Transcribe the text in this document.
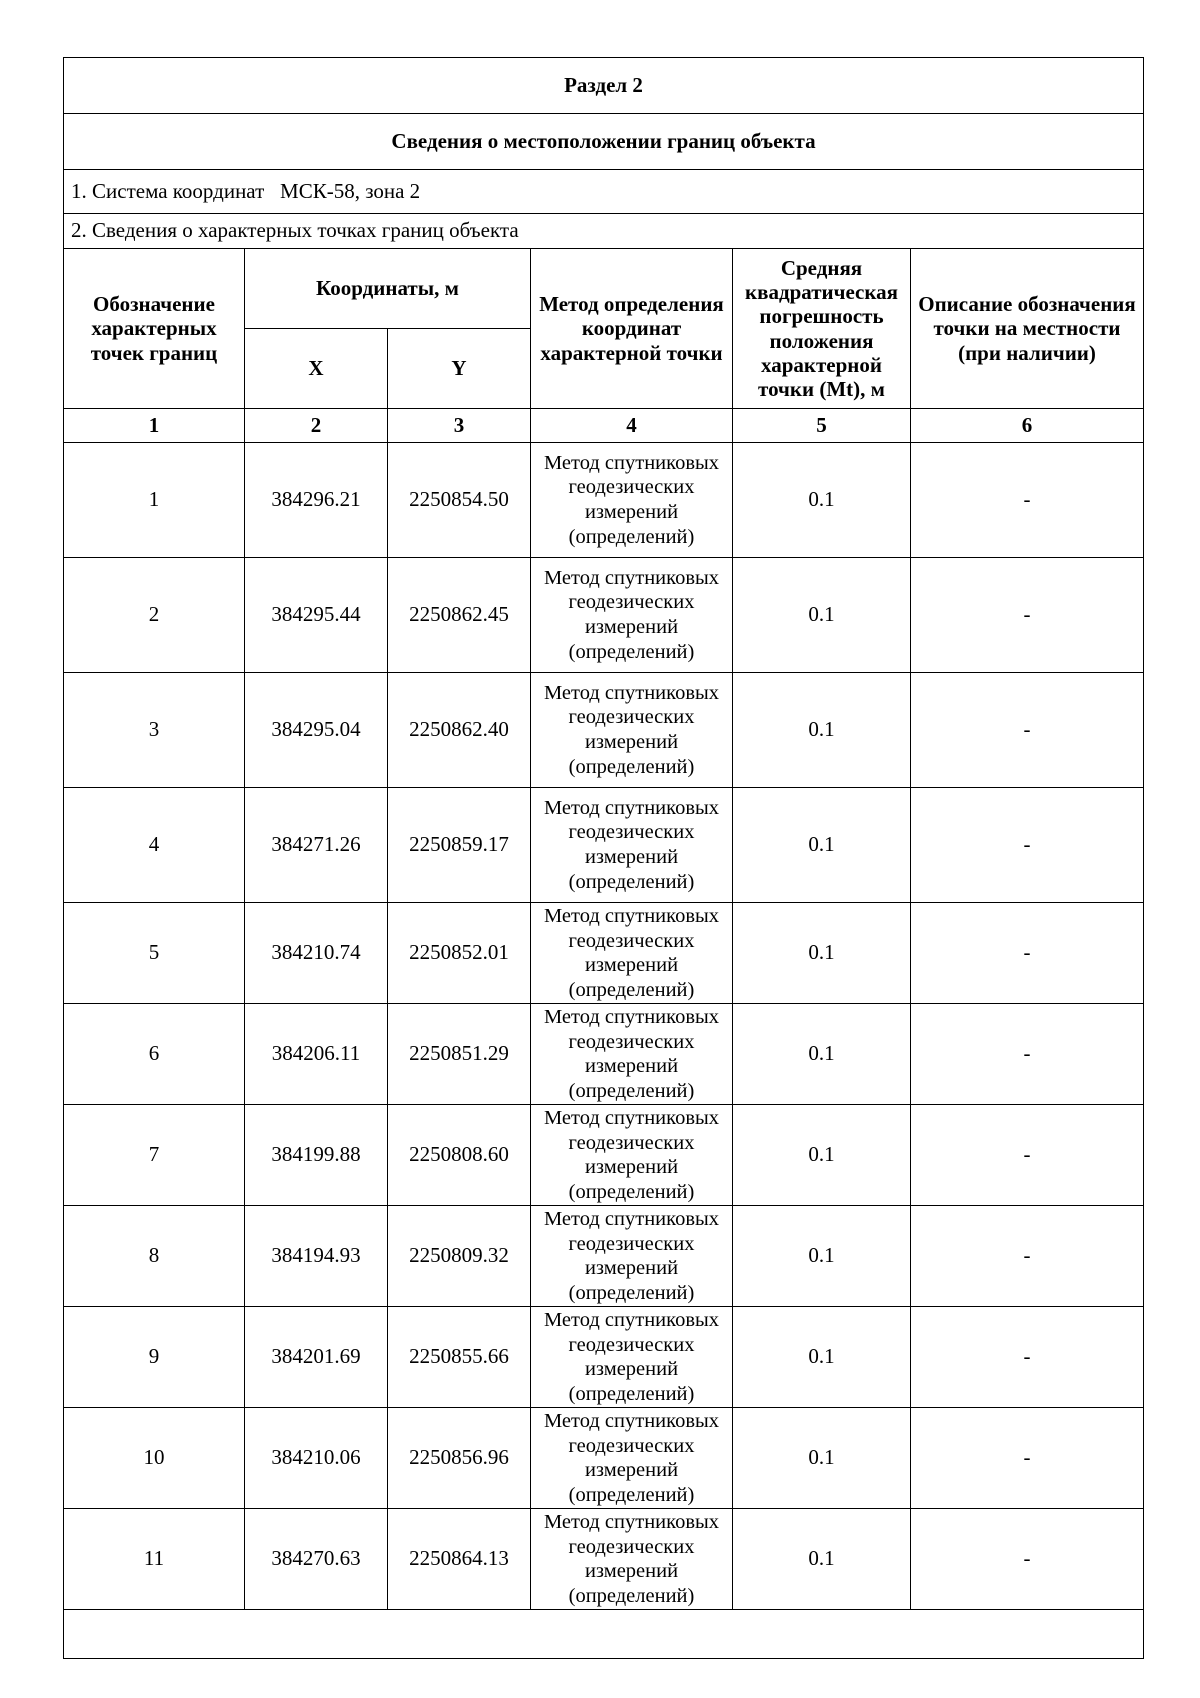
Раздел 2					
Сведения о местоположении границ объекта					
1. Система координат МСК-58, зона 2					
2. Сведения о характерных точках границ объекта					
Обозначение характерных точек границ	Координаты, м		Метод определения координат характерной точки	Средняя квадратическая погрешность положения характерной точки (Mt), м	Описание обозначения точки на местности (при наличии)
	X	Y			
1	2	3	4	5	6
1	384296.21	2250854.50	Метод спутниковых геодезических измерений (определений)	0.1	-
2	384295.44	2250862.45	Метод спутниковых геодезических измерений (определений)	0.1	-
3	384295.04	2250862.40	Метод спутниковых геодезических измерений (определений)	0.1	-
4	384271.26	2250859.17	Метод спутниковых геодезических измерений (определений)	0.1	-
5	384210.74	2250852.01	Метод спутниковых геодезических измерений (определений)	0.1	-
6	384206.11	2250851.29	Метод спутниковых геодезических измерений (определений)	0.1	-
7	384199.88	2250808.60	Метод спутниковых геодезических измерений (определений)	0.1	-
8	384194.93	2250809.32	Метод спутниковых геодезических измерений (определений)	0.1	-
9	384201.69	2250855.66	Метод спутниковых геодезических измерений (определений)	0.1	-
10	384210.06	2250856.96	Метод спутниковых геодезических измерений (определений)	0.1	-
11	384270.63	2250864.13	Метод спутниковых геодезических измерений (определений)	0.1	-
